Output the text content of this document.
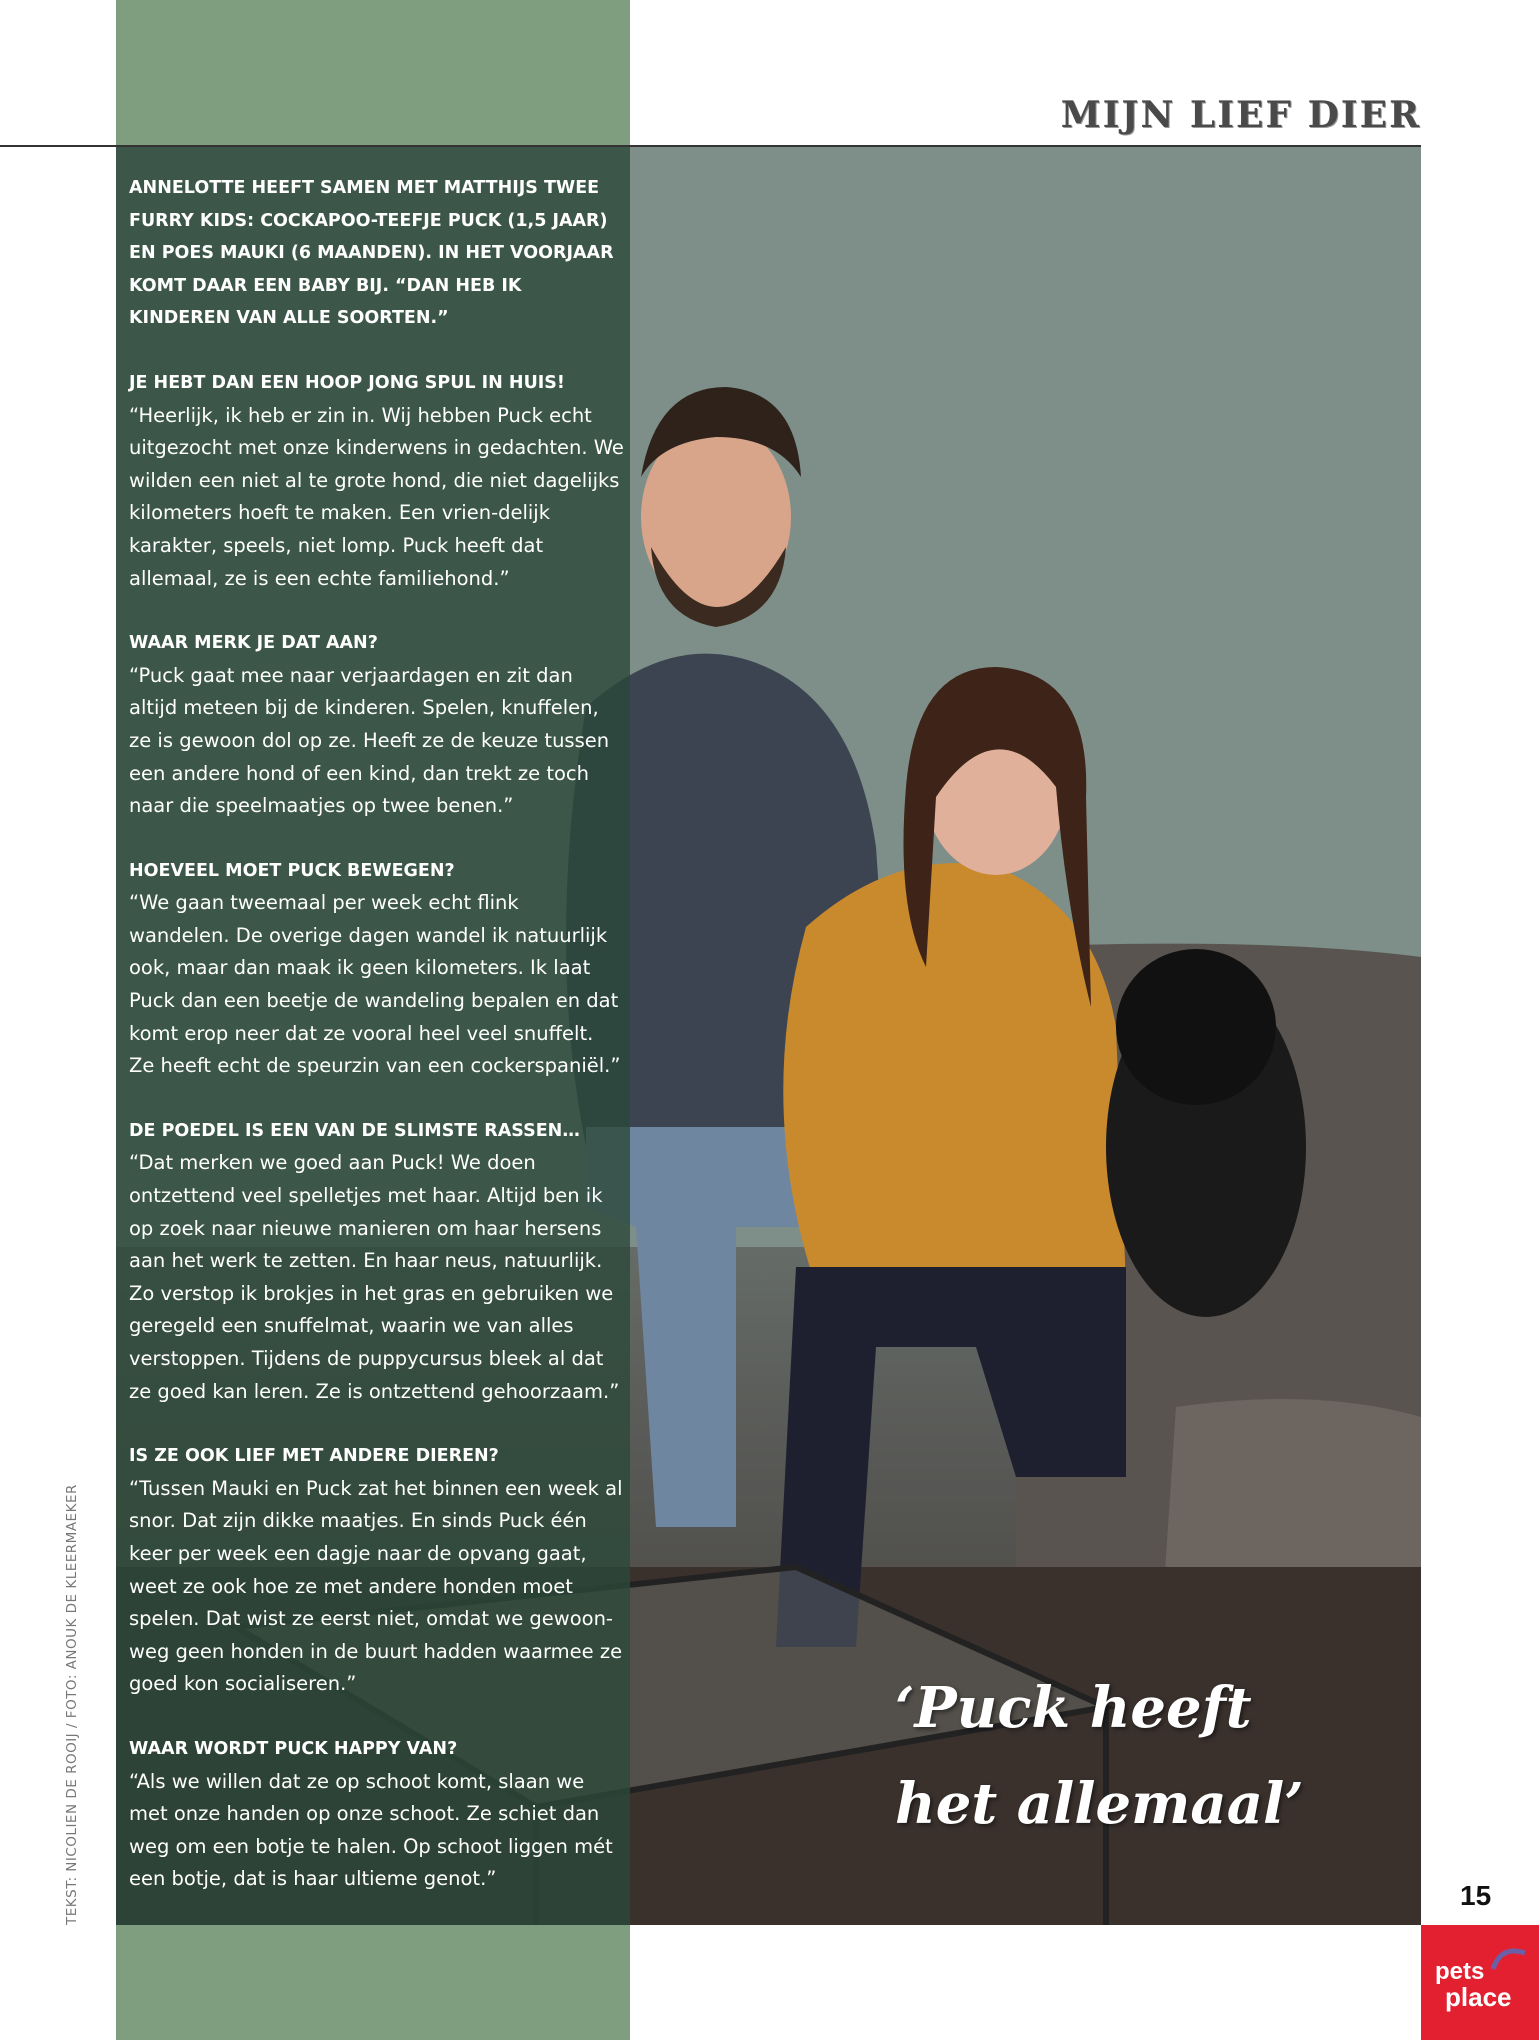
MIJN LIEF DIER

ANNELOTTE HEEFT SAMEN MET MATTHIJS TWEE FURRY KIDS: COCKAPOO-TEEFJE PUCK (1,5 JAAR) EN POES MAUKI (6 MAANDEN). IN HET VOORJAAR KOMT DAAR EEN BABY BIJ. “DAN HEB IK KINDEREN VAN ALLE SOORTEN.”

JE HEBT DAN EEN HOOP JONG SPUL IN HUIS!

“Heerlijk, ik heb er zin in. Wij hebben Puck echt uitgezocht met onze kinderwens in gedachten. We wilden een niet al te grote hond, die niet dagelijks kilometers hoeft te maken. Een vrien-delijk karakter, speels, niet lomp. Puck heeft dat allemaal, ze is een echte familiehond.”

WAAR MERK JE DAT AAN?

“Puck gaat mee naar verjaardagen en zit dan altijd meteen bij de kinderen. Spelen, knuffelen, ze is gewoon dol op ze. Heeft ze de keuze tussen een andere hond of een kind, dan trekt ze toch naar die speelmaatjes op twee benen.”

HOEVEEL MOET PUCK BEWEGEN?

“We gaan tweemaal per week echt flink wandelen. De overige dagen wandel ik natuurlijk ook, maar dan maak ik geen kilometers. Ik laat Puck dan een beetje de wandeling bepalen en dat komt erop neer dat ze vooral heel veel snuffelt. Ze heeft echt de speurzin van een cockerspaniël.”

DE POEDEL IS EEN VAN DE SLIMSTE RASSEN…

“Dat merken we goed aan Puck! We doen ontzettend veel spelletjes met haar. Altijd ben ik op zoek naar nieuwe manieren om haar hersens aan het werk te zetten. En haar neus, natuurlijk. Zo verstop ik brokjes in het gras en gebruiken we geregeld een snuffelmat, waarin we van alles verstoppen. Tijdens de puppycursus bleek al dat ze goed kan leren. Ze is ontzettend gehoorzaam.”

IS ZE OOK LIEF MET ANDERE DIEREN?

“Tussen Mauki en Puck zat het binnen een week al snor. Dat zijn dikke maatjes. En sinds Puck één keer per week een dagje naar de opvang gaat, weet ze ook hoe ze met andere honden moet spelen. Dat wist ze eerst niet, omdat we gewoon-weg geen honden in de buurt hadden waarmee ze goed kon socialiseren.”

WAAR WORDT PUCK HAPPY VAN?

“Als we willen dat ze op schoot komt, slaan we met onze handen op onze schoot. Ze schiet dan weg om een botje te halen. Op schoot liggen mét een botje, dat is haar ultieme genot.”

‘Puck heeft
het allemaal’
TEKST: NICOLIEN DE ROOIJ / FOTO: ANOUK DE KLEERMAEKER	15
pets
place
